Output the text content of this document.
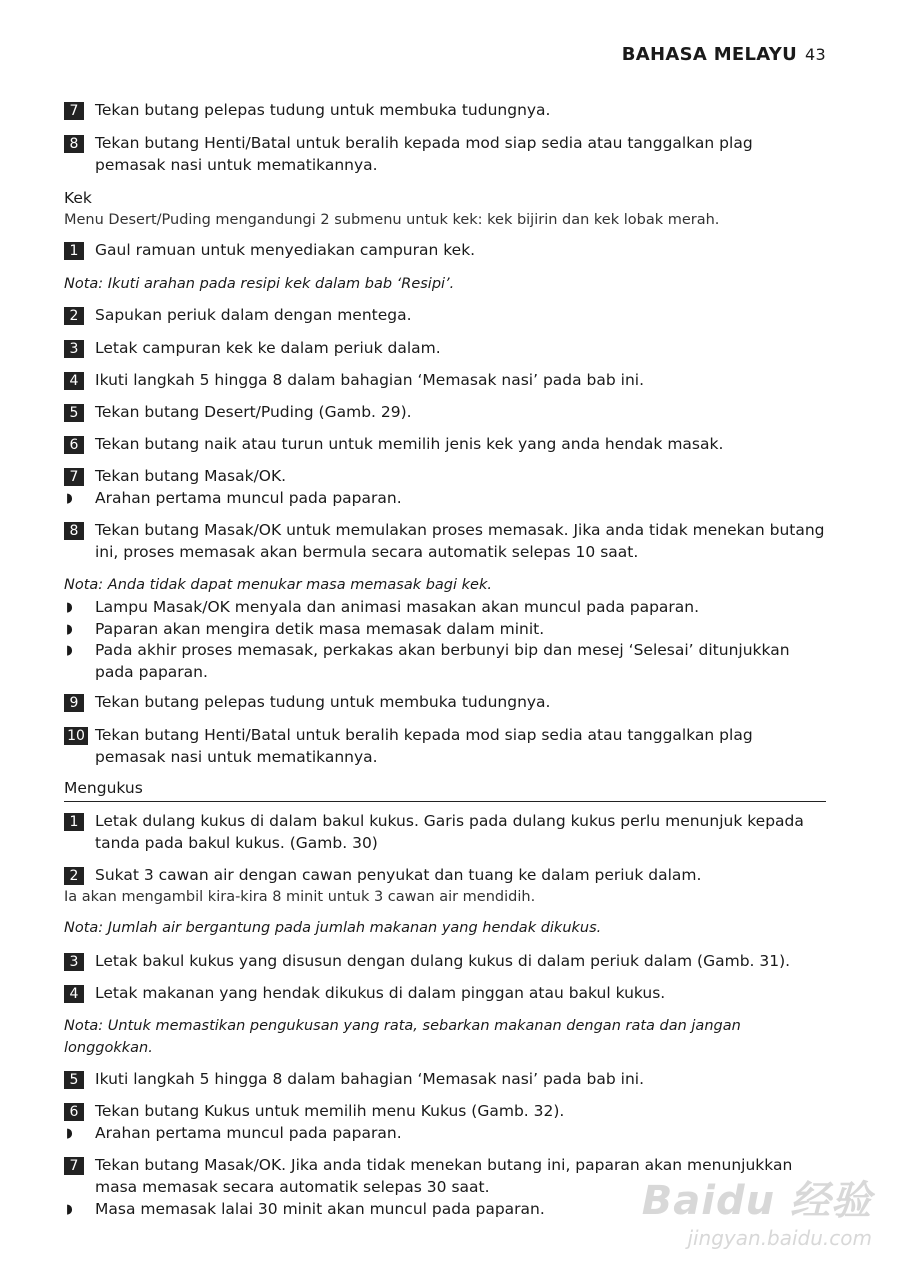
BAHASA MELAYU 43
7	Tekan butang pelepas tudung untuk membuka tudungnya.
8	Tekan butang Henti/Batal untuk beralih kepada mod siap sedia atau tanggalkan plag pemasak nasi untuk mematikannya.
Kek
Menu Desert/Puding mengandungi 2 submenu untuk kek: kek bijirin dan kek lobak merah.
1	Gaul ramuan untuk menyediakan campuran kek.
Nota: Ikuti arahan pada resipi kek dalam bab ‘Resipi’.
2	Sapukan periuk dalam dengan mentega.
3	Letak campuran kek ke dalam periuk dalam.
4	Ikuti langkah 5 hingga 8 dalam bahagian ‘Memasak nasi’ pada bab ini.
5	Tekan butang Desert/Puding (Gamb. 29).
6	Tekan butang naik atau turun untuk memilih jenis kek yang anda hendak masak.
7	Tekan butang Masak/OK.
◗ Arahan pertama muncul pada paparan.
8	Tekan butang Masak/OK untuk memulakan proses memasak. Jika anda tidak menekan butang ini, proses memasak akan bermula secara automatik selepas 10 saat.
Nota: Anda tidak dapat menukar masa memasak bagi kek.
◗ Lampu Masak/OK menyala dan animasi masakan akan muncul pada paparan.
◗ Paparan akan mengira detik masa memasak dalam minit.
◗ Pada akhir proses memasak, perkakas akan berbunyi bip dan mesej ‘Selesai’ ditunjukkan pada paparan.
9	Tekan butang pelepas tudung untuk membuka tudungnya.
10 Tekan butang Henti/Batal untuk beralih kepada mod siap sedia atau tanggalkan plag pemasak nasi untuk mematikannya.
Mengukus
1	Letak dulang kukus di dalam bakul kukus. Garis pada dulang kukus perlu menunjuk kepada tanda pada bakul kukus. (Gamb. 30)
2	Sukat 3 cawan air dengan cawan penyukat dan tuang ke dalam periuk dalam.
Ia akan mengambil kira-kira 8 minit untuk 3 cawan air mendidih.
Nota: Jumlah air bergantung pada jumlah makanan yang hendak dikukus.
3	Letak bakul kukus yang disusun dengan dulang kukus di dalam periuk dalam (Gamb. 31).
4	Letak makanan yang hendak dikukus di dalam pinggan atau bakul kukus.
Nota: Untuk memastikan pengukusan yang rata, sebarkan makanan dengan rata dan jangan longgokkan.
5	Ikuti langkah 5 hingga 8 dalam bahagian ‘Memasak nasi’ pada bab ini.
6	Tekan butang Kukus untuk memilih menu Kukus (Gamb. 32).
◗ Arahan pertama muncul pada paparan.
7	Tekan butang Masak/OK. Jika anda tidak menekan butang ini, paparan akan menunjukkan masa memasak secara automatik selepas 30 saat.
◗ Masa memasak lalai 30 minit akan muncul pada paparan.	Baidu 经验
jingyan.baidu.com
